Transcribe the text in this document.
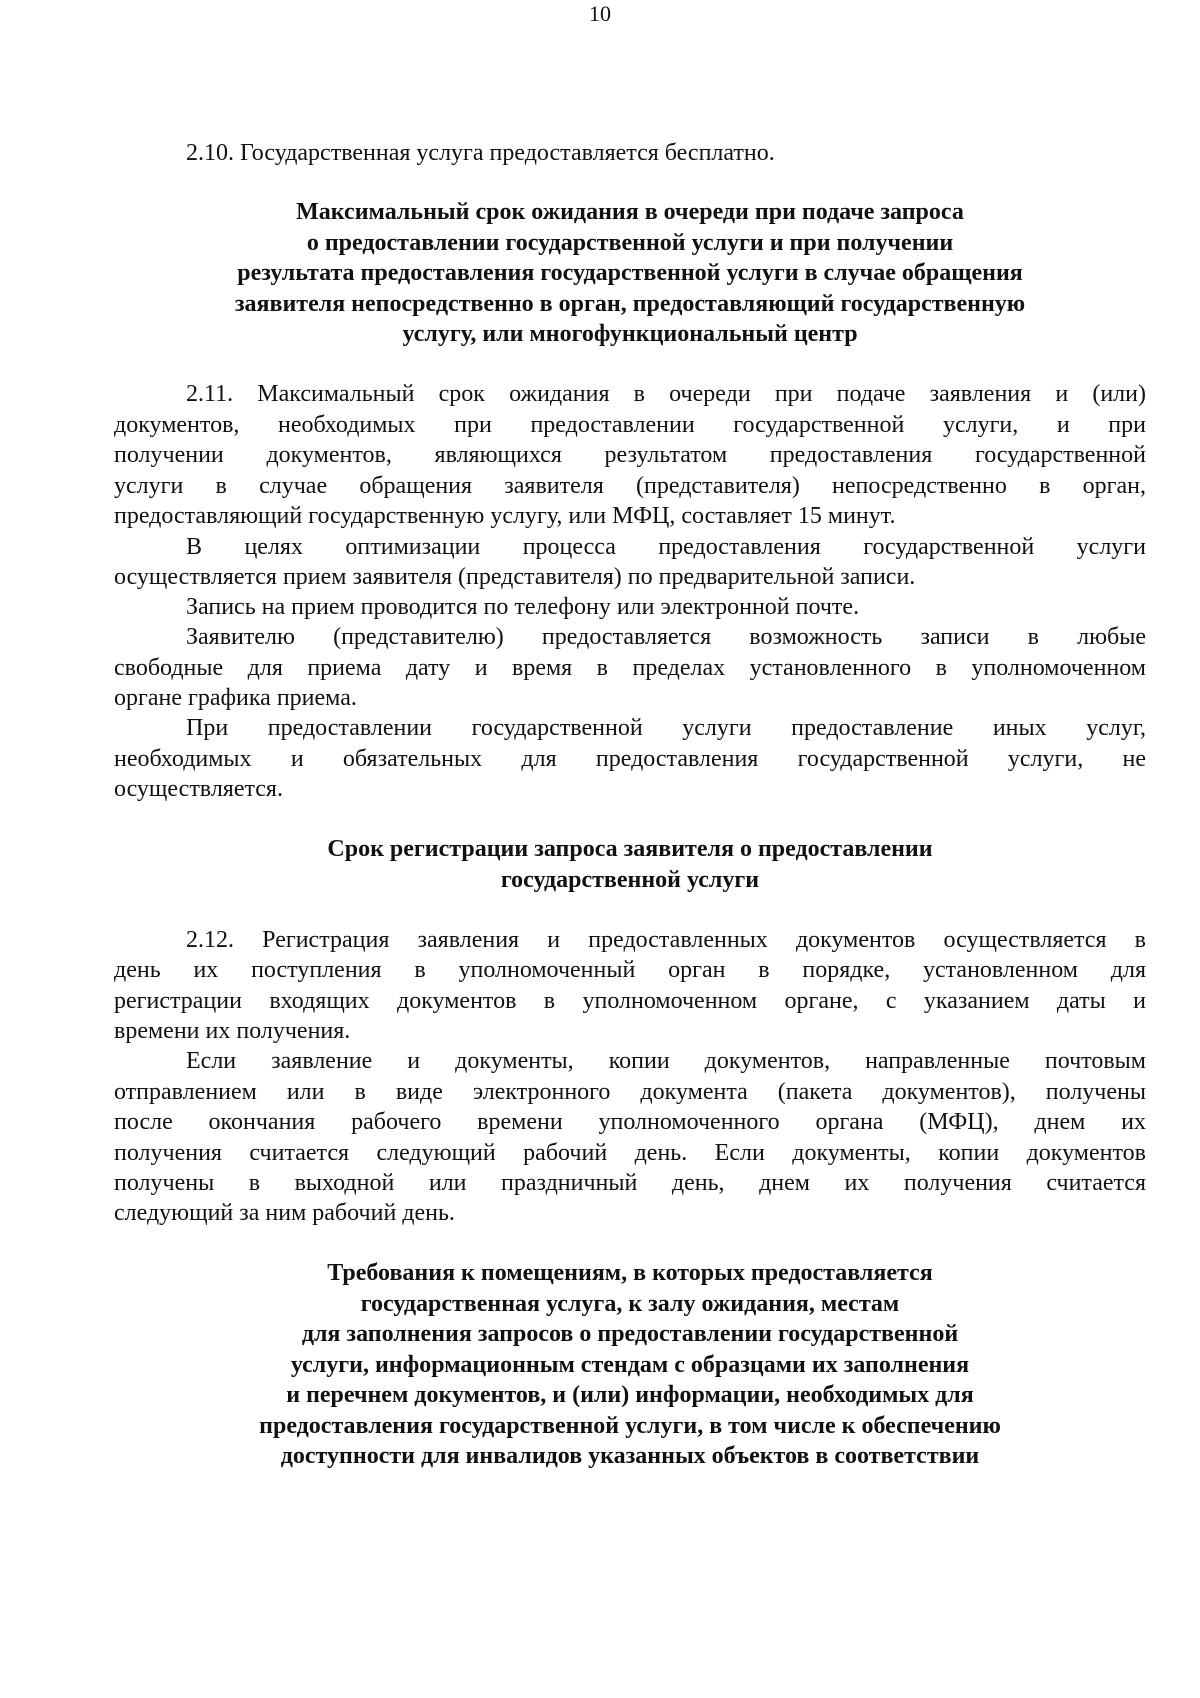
10
2.10. Государственная услуга предоставляется бесплатно.
Максимальный срок ожидания в очереди при подаче запроса
о предоставлении государственной услуги и при получении
результата предоставления государственной услуги в случае обращения
заявителя непосредственно в орган, предоставляющий государственную
услугу, или многофункциональный центр
2.11. Максимальный срок ожидания в очереди при подаче заявления и (или)
документов, необходимых при предоставлении государственной услуги, и при
получении документов, являющихся результатом предоставления государственной
услуги в случае обращения заявителя (представителя) непосредственно в орган,
предоставляющий государственную услугу, или МФЦ, составляет 15 минут.
В целях оптимизации процесса предоставления государственной услуги
осуществляется прием заявителя (представителя) по предварительной записи.
Запись на прием проводится по телефону или электронной почте.
Заявителю (представителю) предоставляется возможность записи в любые
свободные для приема дату и время в пределах установленного в уполномоченном
органе графика приема.
При предоставлении государственной услуги предоставление иных услуг,
необходимых и обязательных для предоставления государственной услуги, не
осуществляется.
Срок регистрации запроса заявителя о предоставлении
государственной услуги
2.12. Регистрация заявления и предоставленных документов осуществляется в
день их поступления в уполномоченный орган в порядке, установленном для
регистрации входящих документов в уполномоченном органе, с указанием даты и
времени их получения.
Если заявление и документы, копии документов, направленные почтовым
отправлением или в виде электронного документа (пакета документов), получены
после окончания рабочего времени уполномоченного органа (МФЦ), днем их
получения считается следующий рабочий день. Если документы, копии документов
получены в выходной или праздничный день, днем их получения считается
следующий за ним рабочий день.
Требования к помещениям, в которых предоставляется
государственная услуга, к залу ожидания, местам
для заполнения запросов о предоставлении государственной
услуги, информационным стендам с образцами их заполнения
и перечнем документов, и (или) информации, необходимых для
предоставления государственной услуги, в том числе к обеспечению
доступности для инвалидов указанных объектов в соответствии
